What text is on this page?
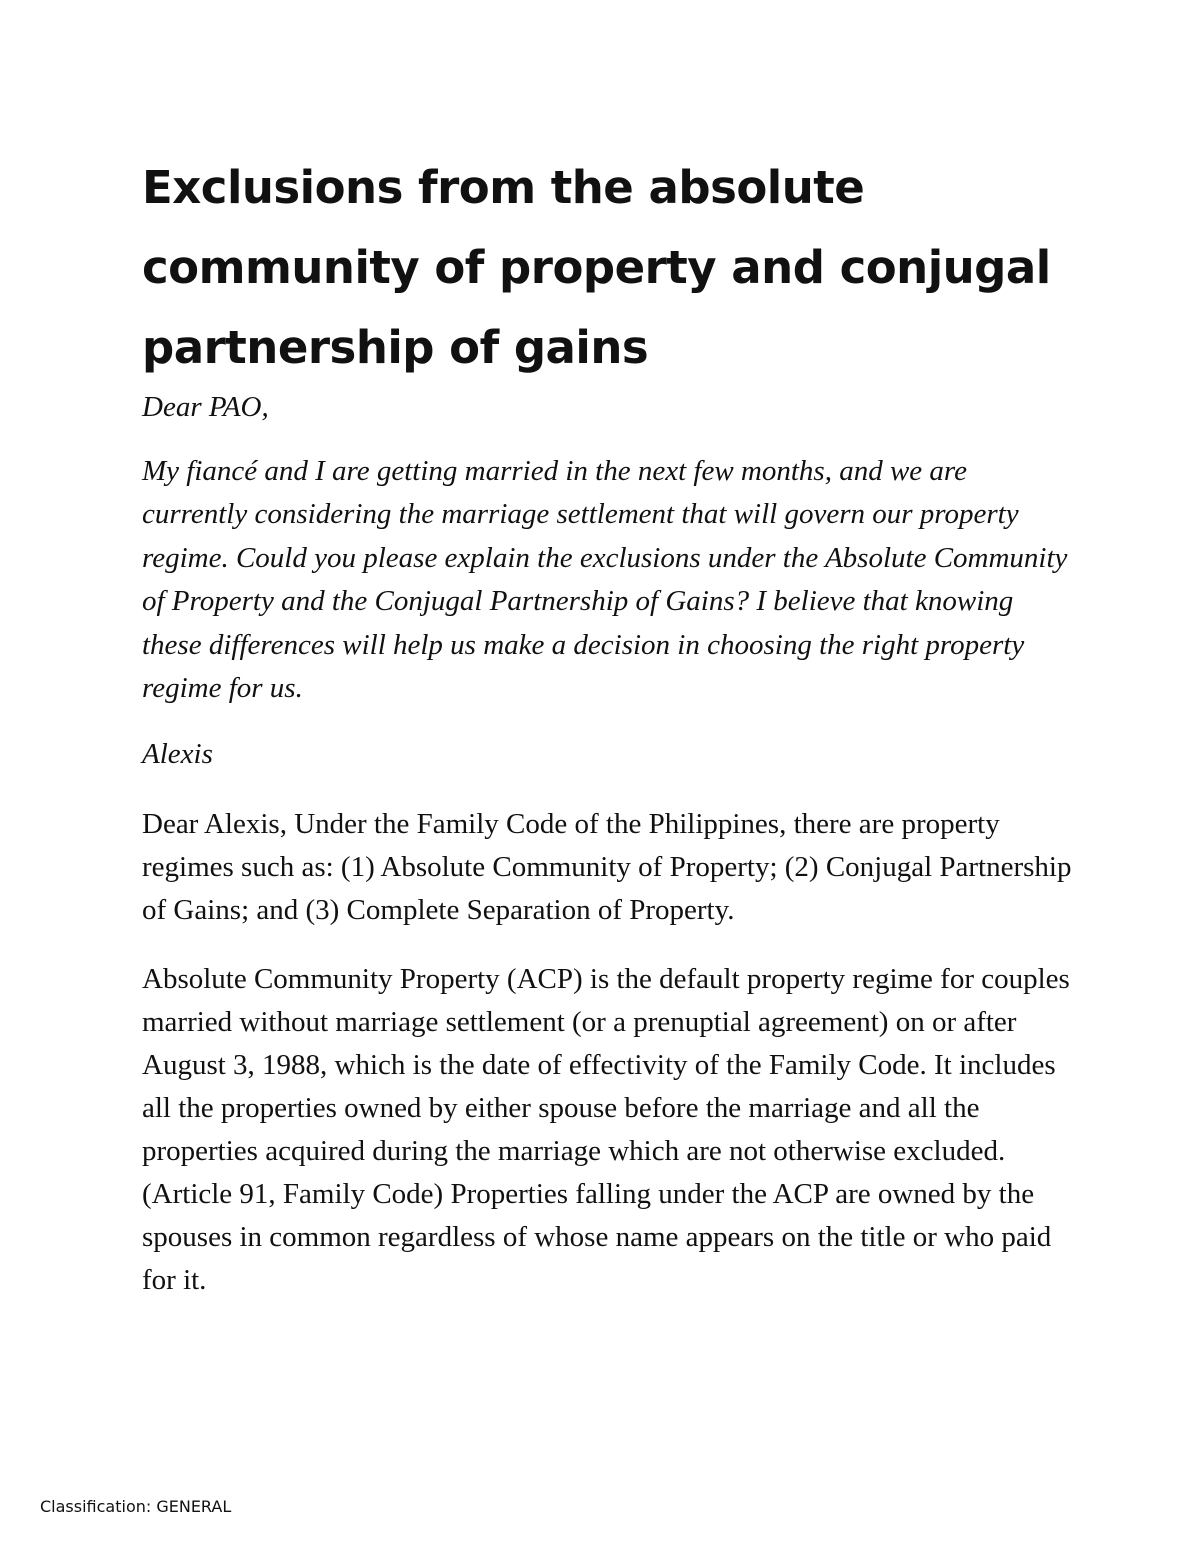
Exclusions from the absolute community of property and conjugal partnership of gains

Dear PAO,

My fiancé and I are getting married in the next few months, and we are currently considering the marriage settlement that will govern our property regime. Could you please explain the exclusions under the Absolute Community of Property and the Conjugal Partnership of Gains? I believe that knowing these differences will help us make a decision in choosing the right property regime for us.

Alexis

Dear Alexis, Under the Family Code of the Philippines, there are property regimes such as: (1) Absolute Community of Property; (2) Conjugal Partnership of Gains; and (3) Complete Separation of Property.

Absolute Community Property (ACP) is the default property regime for couples married without marriage settlement (or a prenuptial agreement) on or after August 3, 1988, which is the date of effectivity of the Family Code. It includes all the properties owned by either spouse before the marriage and all the properties acquired during the marriage which are not otherwise excluded. (Article 91, Family Code) Properties falling under the ACP are owned by the spouses in common regardless of whose name appears on the title or who paid for it.

Classification: GENERAL
